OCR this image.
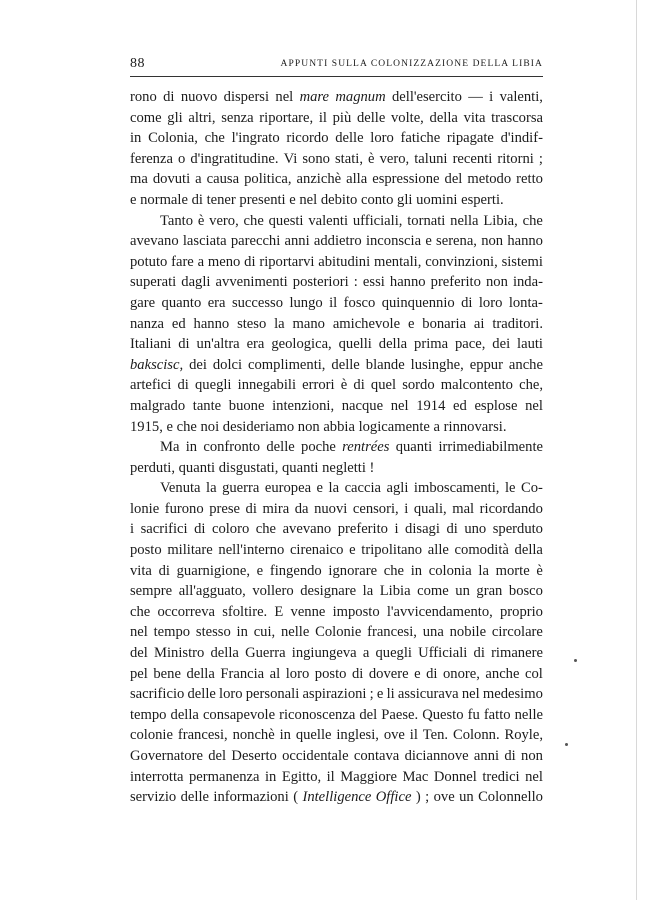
88	APPUNTI SULLA COLONIZZAZIONE DELLA LIBIA
rono di nuovo dispersi nel mare magnum dell'esercito — i valenti,
come gli altri, senza riportare, il più delle volte, della vita trascorsa
in Colonia, che l'ingrato ricordo delle loro fatiche ripagate d'indif-
ferenza o d'ingratitudine. Vi sono stati, è vero, taluni recenti ritorni ;
ma dovuti a causa politica, anzichè alla espressione del metodo retto
e normale di tener presenti e nel debito conto gli uomini esperti.
Tanto è vero, che questi valenti ufficiali, tornati nella Libia, che
avevano lasciata parecchi anni addietro inconscia e serena, non hanno
potuto fare a meno di riportarvi abitudini mentali, convinzioni, sistemi
superati dagli avvenimenti posteriori : essi hanno preferito non inda-
gare quanto era successo lungo il fosco quinquennio di loro lonta-
nanza ed hanno steso la mano amichevole e bonaria ai traditori.
Italiani di un'altra era geologica, quelli della prima pace, dei lauti
bakscisc, dei dolci complimenti, delle blande lusinghe, eppur anche
artefici di quegli innegabili errori è di quel sordo malcontento che,
malgrado tante buone intenzioni, nacque nel 1914 ed esplose nel
1915, e che noi desideriamo non abbia logicamente a rinnovarsi.
Ma in confronto delle poche rentrées quanti irrimediabilmente
perduti, quanti disgustati, quanti negletti !
Venuta la guerra europea e la caccia agli imboscamenti, le Co-
lonie furono prese di mira da nuovi censori, i quali, mal ricordando
i sacrifici di coloro che avevano preferito i disagi di uno sperduto
posto militare nell'interno cirenaico e tripolitano alle comodità della
vita di guarnigione, e fingendo ignorare che in colonia la morte è
sempre all'agguato, vollero designare la Libia come un gran bosco
che occorreva sfoltire. E venne imposto l'avvicendamento, proprio
nel tempo stesso in cui, nelle Colonie francesi, una nobile circolare
del Ministro della Guerra ingiungeva a quegli Ufficiali di rimanere
pel bene della Francia al loro posto di dovere e di onore, anche col
sacrificio delle loro personali aspirazioni ; e li assicurava nel medesimo
tempo della consapevole riconoscenza del Paese. Questo fu fatto nelle
colonie francesi, nonchè in quelle inglesi, ove il Ten. Colonn. Royle,
Governatore del Deserto occidentale contava diciannove anni di non
interrotta permanenza in Egitto, il Maggiore Mac Donnel tredici nel
servizio delle informazioni ( Intelligence Office ) ; ove un Colonnello
